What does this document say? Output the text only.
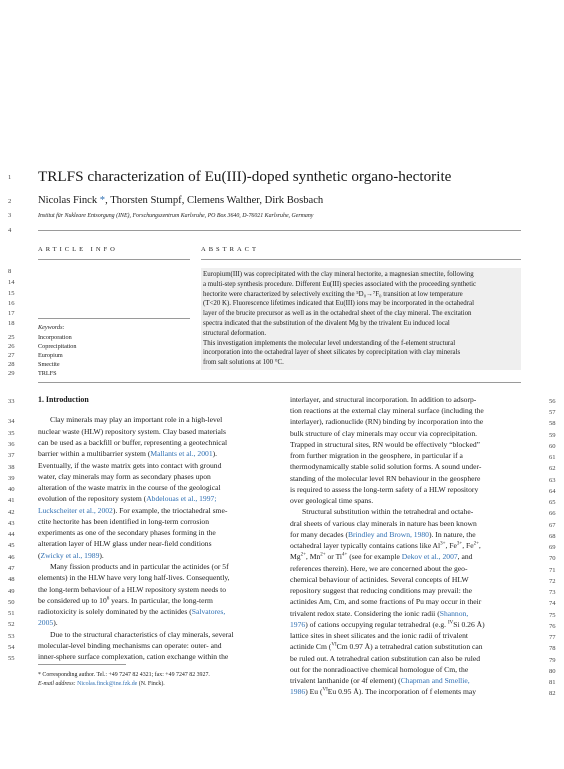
1
2
3
4
8
14
15
16
17
18
25
26
27
28
29
33
34
35
36
37
38
39
40
41
42
43
44
45
46
47
48
49
50
51
52
53
54
55
56
57
58
59
60
61
62
63
64
65
66
67
68
69
70
71
72
73
74
75
76
77
78
79
80
81
82
TRLFS characterization of Eu(III)-doped synthetic organo-hectorite
Nicolas Finck *, Thorsten Stumpf, Clemens Walther, Dirk Bosbach
Institut für Nukleare Entsorgung (INE), Forschungszentrum Karlsruhe, PO Box 3640, D-76021 Karlsruhe, Germany
ARTICLE INFO	ABSTRACT
Keywords:
Incorporation
Coprecipitation
Europium
Smectite
TRLFS
Europium(III) was coprecipitated with the clay mineral hectorite, a magnesian smectite, following
a multi-step synthesis procedure. Different Eu(III) species associated with the proceeding synthetic
hectorite were characterized by selectively exciting the ⁵D₀→⁷F₀ transition at low temperature
(T<20 K). Fluorescence lifetimes indicated that Eu(III) ions may be incorporated in the octahedral
layer of the brucite precursor as well as in the octahedral sheet of the clay mineral. The excitation
spectra indicated that the substitution of the divalent Mg by the trivalent Eu induced local
structural deformation.
This investigation implements the molecular level understanding of the f-element structural
incorporation into the octahedral layer of sheet silicates by coprecipitation with clay minerals
from salt solutions at 100 °C.
1. Introduction
Clay minerals may play an important role in a high-level
nuclear waste (HLW) repository system. Clay based materials
can be used as a backfill or buffer, representing a geotechnical
barrier within a multibarrier system (Mallants et al., 2001).
Eventually, if the waste matrix gets into contact with ground
water, clay minerals may form as secondary phases upon
alteration of the waste matrix in the course of the geological
evolution of the repository system (Abdelouas et al., 1997;
Luckscheiter et al., 2002). For example, the trioctahedral sme-
ctite hectorite has been identified in long-term corrosion
experiments as one of the secondary phases forming in the
alteration layer of HLW glass under near-field conditions
(Zwicky et al., 1989).
Many fission products and in particular the actinides (or 5f
elements) in the HLW have very long half-lives. Consequently,
the long-term behaviour of a HLW repository system needs to
be considered up to $10^6$ years. In particular, the long-term
radiotoxicity is solely dominated by the actinides (Salvatores,
2005).
Due to the structural characteristics of clay minerals, several
molecular-level binding mechanisms can operate: outer- and
inner-sphere surface complexation, cation exchange within the
interlayer, and structural incorporation. In addition to adsorp-
tion reactions at the external clay mineral surface (including the
interlayer), radionuclide (RN) binding by incorporation into the
bulk structure of clay minerals may occur via coprecipitation.
Trapped in structural sites, RN would be effectively “blocked”
from further migration in the geosphere, in particular if a
thermodynamically stable solid solution forms. A sound under-
standing of the molecular level RN behaviour in the geosphere
is required to assess the long-term safety of a HLW repository
over geological time spans.
Structural substitution within the tetrahedral and octahe-
dral sheets of various clay minerals in nature has been known
for many decades (Brindley and Brown, 1980). In nature, the
octahedral layer typically contains cations like $Al^{3+}$, $Fe^{3+}$, $Fe^{2+}$,
$Mg^{2+}$, $Mn^{2+}$ or $Ti^{4+}$ (see for example Dekov et al., 2007, and
references therein). Here, we are concerned about the geo-
chemical behaviour of actinides. Several concepts of HLW
repository suggest that reducing conditions may prevail: the
actinides Am, Cm, and some fractions of Pu may occur in their
trivalent redox state. Considering the ionic radii (Shannon,
1976) of cations occupying regular tetrahedral (e.g. $^{IV}$Si 0.26 Å)
lattice sites in sheet silicates and the ionic radii of trivalent
actinide Cm ($^{VI}$Cm 0.97 Å) a tetrahedral cation substitution can
be ruled out. A tetrahedral cation substitution can also be ruled
out for the nonradioactive chemical homologue of Cm, the
trivalent lanthanide (or 4f element) (Chapman and Smellie,
1986) Eu ($^{VI}$Eu 0.95 Å). The incorporation of f elements may
* Corresponding author. Tel.: +49 7247 82 4321; fax: +49 7247 82 3927.
E-mail address: Nicolas.finck@ine.fzk.de (N. Finck).
